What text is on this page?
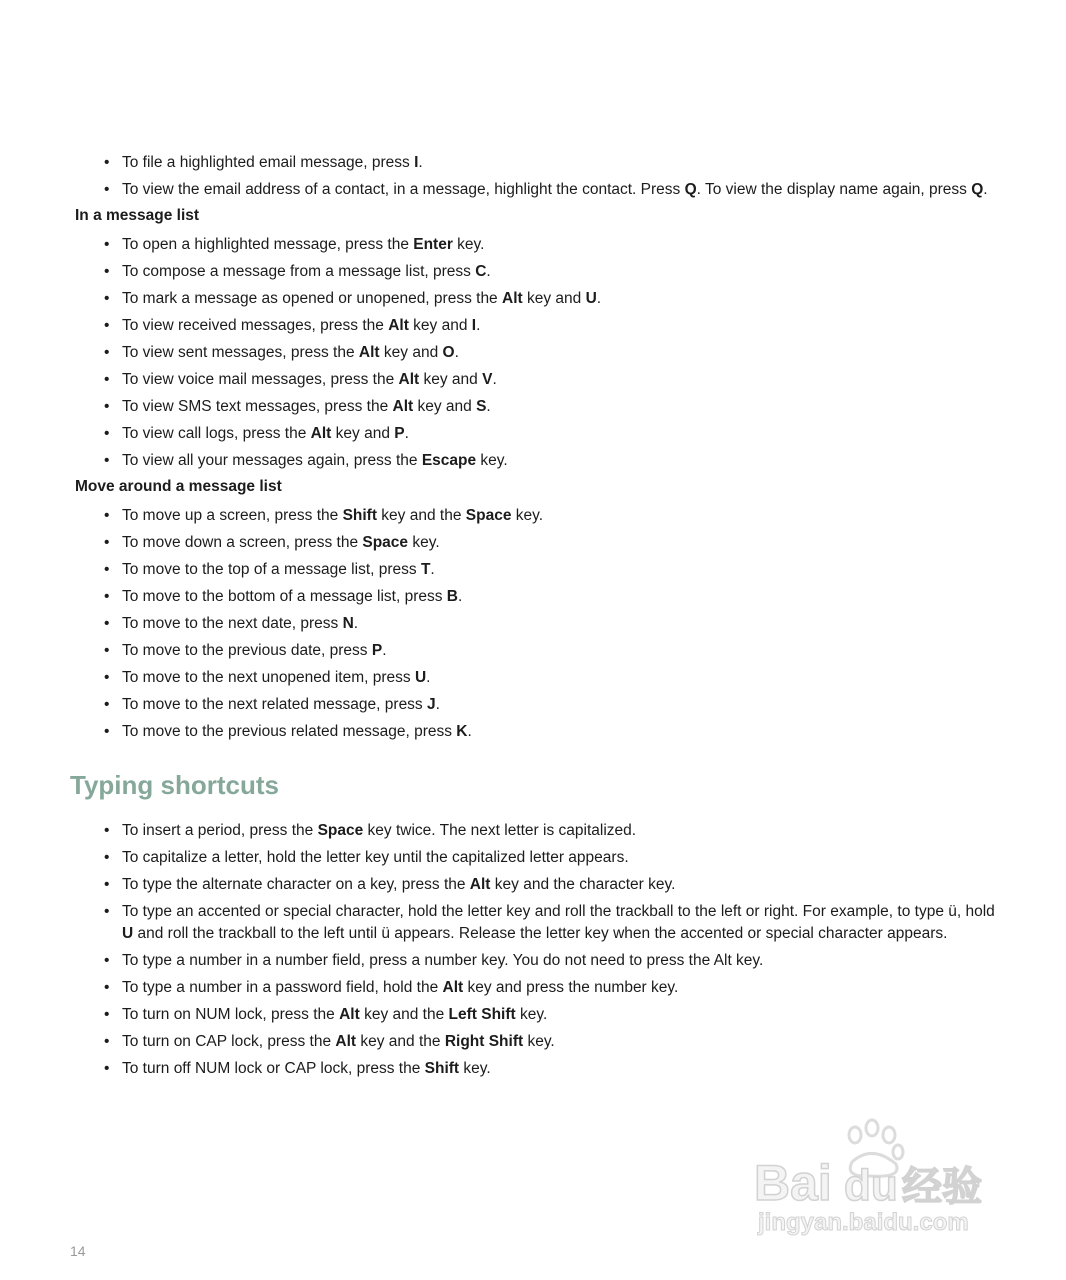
• To file a highlighted email message, press I.
• To view the email address of a contact, in a message, highlight the contact. Press Q. To view the display name again, press Q.
In a message list
• To open a highlighted message, press the Enter key.
• To compose a message from a message list, press C.
• To mark a message as opened or unopened, press the Alt key and U.
• To view received messages, press the Alt key and I.
• To view sent messages, press the Alt key and O.
• To view voice mail messages, press the Alt key and V.
• To view SMS text messages, press the Alt key and S.
• To view call logs, press the Alt key and P.
• To view all your messages again, press the Escape key.
Move around a message list
• To move up a screen, press the Shift key and the Space key.
• To move down a screen, press the Space key.
• To move to the top of a message list, press T.
• To move to the bottom of a message list, press B.
• To move to the next date, press N.
• To move to the previous date, press P.
• To move to the next unopened item, press U.
• To move to the next related message, press J.
• To move to the previous related message, press K.
Typing shortcuts
• To insert a period, press the Space key twice. The next letter is capitalized.
• To capitalize a letter, hold the letter key until the capitalized letter appears.
• To type the alternate character on a key, press the Alt key and the character key.
• To type an accented or special character, hold the letter key and roll the trackball to the left or right. For example, to type ü, hold U and roll the trackball to the left until ü appears. Release the letter key when the accented or special character appears.
• To type a number in a number field, press a number key. You do not need to press the Alt key.
• To type a number in a password field, hold the Alt key and press the number key.
• To turn on NUM lock, press the Alt key and the Left Shift key.
• To turn on CAP lock, press the Alt key and the Right Shift key.
• To turn off NUM lock or CAP lock, press the Shift key.
14
Bai du 经验
jingyan.baidu.com
